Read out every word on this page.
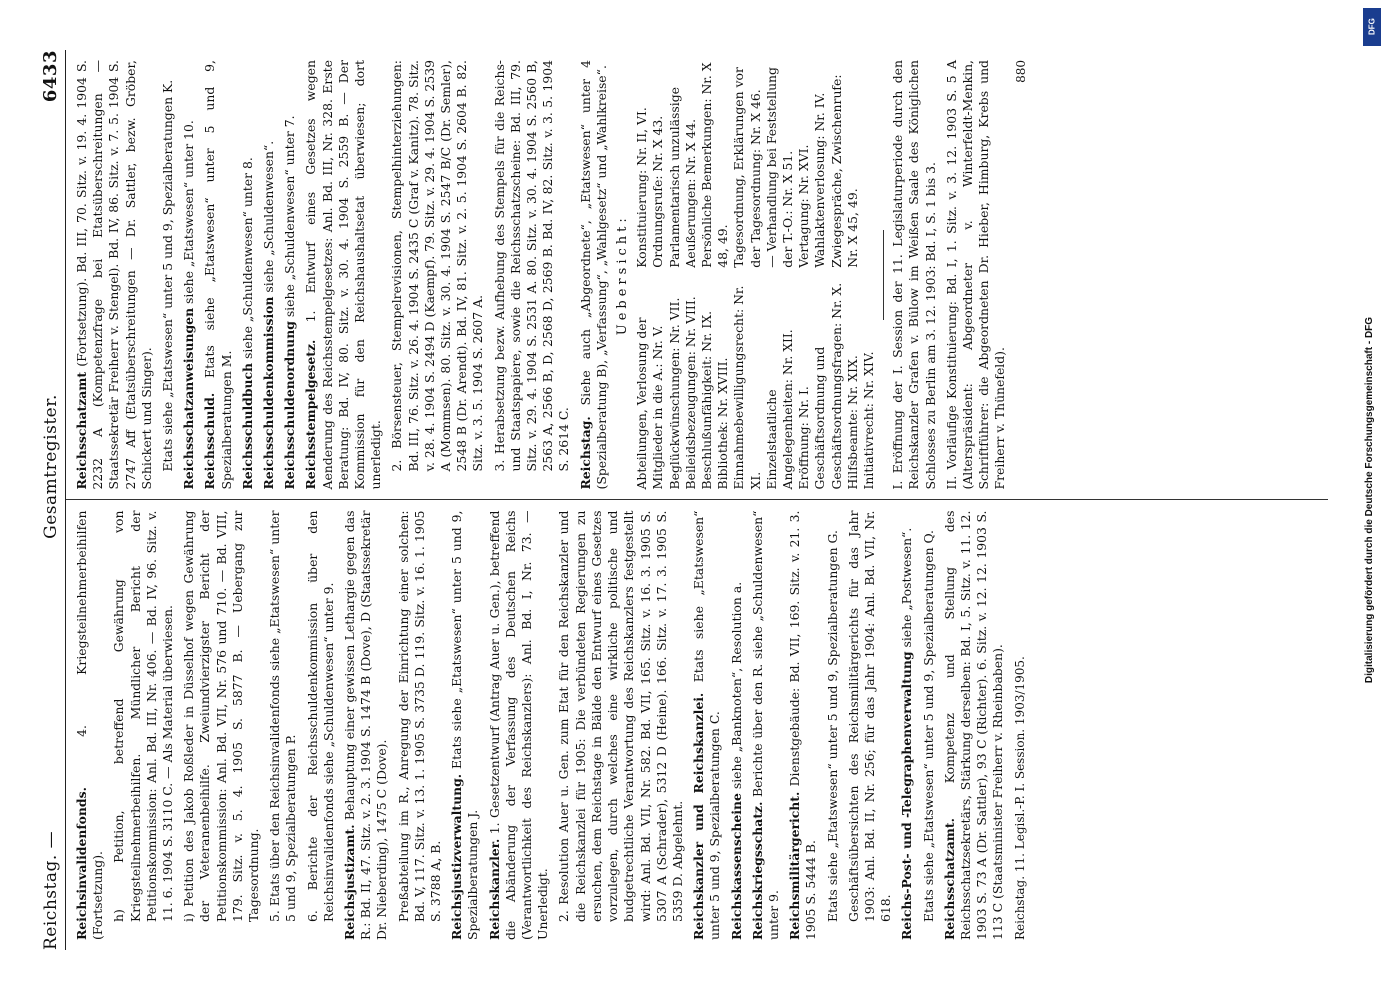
Reichstag. —
Gesamtregister.
6433
Reichsinvalidenfonds. 4. Kriegsteilnehmerbeihilfen (Fortsetzung). h) Petition, betreffend Gewährung von Kriegsteilnehmerbeihilfen. Mündlicher Bericht der Petitionskommission: Anl. Bd. III, Nr. 406. — Bd. IV, 96. Sitz. v. 11. 6. 1904 S. 3110 C. — Als Material überwiesen. i) Petition des Jakob Roßleder in Düsselhof wegen Gewährung der Veteranenbeihilfe. Zweiundvierzigster Bericht der Petitionskommission: Anl. Bd. VII, Nr. 576 und 710. — Bd. VIII, 179. Sitz. v. 5. 4. 1905 S. 5877 B. — Uebergang zur Tagesordnung. 5. Etats über den Reichsinvalidenfonds siehe „Etatswesen“ unter 5 und 9, Spezialberatungen P. 6. Berichte der Reichsschuldenkommission über den Reichsinvalidenfonds siehe „Schuldenwesen“ unter 9. Reichsjustizamt. Behauptung einer gewissen Lethargie gegen das R.: Bd. II, 47. Sitz. v. 2. 3. 1904 S. 1474 B (Dove), D (Staatssekretär Dr. Nieberding), 1475 C (Dove). Preßabteilung im R., Anregung der Einrichtung einer solchen: Bd. V, 117. Sitz. v. 13. 1. 1905 S. 3735 D. 119. Sitz. v. 16. 1. 1905 S. 3788 A, B. Reichsjustizverwaltung. Etats siehe „Etatswesen“ unter 5 und 9, Spezialberatungen J. Reichskanzler. 1. Gesetzentwurf (Antrag Auer u. Gen.), betreffend die Abänderung der Verfassung des Deutschen Reichs (Verantwortlichkeit des Reichskanzlers): Anl. Bd. I, Nr. 73. — Unerledigt. 2. Resolution Auer u. Gen. zum Etat für den Reichskanzler und die Reichskanzlei für 1905: Die verbündeten Regierungen zu ersuchen, dem Reichstage in Bälde den Entwurf eines Gesetzes vorzulegen, durch welches eine wirkliche politische und budgetrechtliche Verantwortung des Reichskanzlers festgestellt wird: Anl. Bd. VII, Nr. 582. Bd. VII, 165. Sitz. v. 16. 3. 1905 S. 5307 A (Schrader), 5312 D (Heine). 166. Sitz. v. 17. 3. 1905 S. 5359 D. Abgelehnt. Reichskanzler und Reichskanzlei. Etats siehe „Etatswesen“ unter 5 und 9, Spezialberatungen C. Reichskassenscheine siehe „Banknoten“, Resolution a.
Reichskriegsschatz. Berichte über den R. siehe „Schuldenwesen“ unter 9. Reichsmilitärgericht. Dienstgebäude: Bd. VII, 169. Sitz. v. 21. 3. 1905 S. 5444 B. Etats siehe „Etatswesen“ unter 5 und 9, Spezialberatungen G. Geschäftsübersichten des Reichsmilitärgerichts für das Jahr 1903: Anl. Bd. II, Nr. 256; für das Jahr 1904: Anl. Bd. VII, Nr. 618. Reichs-Post- und -Telegraphenverwaltung siehe „Postwesen“. Etats siehe „Etatswesen“ unter 5 und 9, Spezialberatungen Q. Reichsschatzamt. Kompetenz und Stellung des Reichsschatzsekretärs, Stärkung derselben: Bd. I, 5. Sitz. v. 11. 12. 1903 S. 73 A (Dr. Sattler), 93 C (Richter). 6. Sitz. v. 12. 12. 1903 S. 113 C (Staatsminister Freiherr v. Rheinbaben). Reichstag. 11. Legisl.-P. I. Session. 1903/1905.
Reichsschatzamt (Fortsetzung). Bd. III, 70. Sitz. v. 19. 4. 1904 S. 2232 A (Kompetenzfrage bei Etatsüberschreitungen — Staatssekretär Freiherr v. Stengel). Bd. IV, 86. Sitz. v. 7. 5. 1904 S. 2747 Aff (Etatsüberschreitungen — Dr. Sattler, bezw. Gröber, Schickert und Singer). Etats siehe „Etatswesen“ unter 5 und 9, Spezialberatungen K. Reichsschatzanweisungen siehe „Etatswesen“ unter 10.
Reichsschuld. Etats siehe „Etatswesen“ unter 5 und 9, Spezialberatungen M. Reichsschuldbuch siehe „Schuldenwesen“ unter 8.
Reichsschuldenkommission siehe „Schuldenwesen“.
Reichsschuldenordnung siehe „Schuldenwesen“ unter 7.
Reichsstempelgesetz. 1. Entwurf eines Gesetzes wegen Aenderung des Reichsstempelgesetzes: Anl. Bd. III, Nr. 328. Erste Beratung: Bd. IV, 80. Sitz. v. 30. 4. 1904 S. 2559 B. — Der Kommission für den Reichshaushaltsetat überwiesen; dort unerledigt. 2. Börsensteuer, Stempelrevisionen, Stempelhinterziehungen: Bd. III, 76. Sitz. v. 26. 4. 1904 S. 2435 C (Graf v. Kanitz). 78. Sitz. v. 28. 4. 1904 S. 2494 D (Kaempf). 79. Sitz. v. 29. 4. 1904 S. 2539 A (Mommsen). 80. Sitz. v. 30. 4. 1904 S. 2547 B/C (Dr. Semler), 2548 B (Dr. Arendt). Bd. IV, 81. Sitz. v. 2. 5. 1904 S. 2604 B. 82. Sitz. v. 3. 5. 1904 S. 2607 A. 3. Herabsetzung bezw. Aufhebung des Stempels für die Reichs- und Staatspapiere, sowie die Reichsschatzscheine: Bd. III, 79. Sitz. v. 29. 4. 1904 S. 2531 A. 80. Sitz. v. 30. 4. 1904 S. 2560 B, 2563 A, 2566 B, D, 2568 D, 2569 B. Bd. IV, 82. Sitz. v. 3. 5. 1904 S. 2614 C. Reichstag. Siehe auch „Abgeordnete“, „Etatswesen“ unter 4 (Spezialberatung B), „Verfassung“, „Wahlgesetz“ und „Wahlkreise“. Uebersicht:
Abteilungen, Verlosung der Mitglieder in die A.: Nr. V. Beglückwünschungen: Nr. VII. Beileidsbezeugungen: Nr. VIII. Beschlußunfähigkeit: Nr. IX. Bibliothek: Nr. XVIII. Einnahmebewilligungsrecht: Nr. XI. Einzelstaatliche Angelegenheiten: Nr. XII. Eröffnung: Nr. I. Geschäftsordnung und Geschäftsordnungsfragen: Nr. X. Hilfsbeamte: Nr. XIX. Initiativrecht: Nr. XIV.
Konstituierung: Nr. II, VI. Ordnungsrufe: Nr. X 43. Parlamentarisch unzulässige Aeußerungen: Nr. X 44. Persönliche Bemerkungen: Nr. X 48, 49. Tagesordnung, Erklärungen vor der Tagesordnung: Nr. X 46. — Verhandlung bei Feststellung der T.-O.: Nr. X 51. Vertagung: Nr. XVI. Wahlaktenverlosung: Nr. IV. Zwiegespräche, Zwischenrufe: Nr. X 45, 49. I. Eröffnung der I. Session der 11. Legislaturperiode durch den Reichskanzler Grafen v. Bülow im Weißen Saale des Königlichen Schlosses zu Berlin am 3. 12. 1903: Bd. I, S. 1 bis 3. II. Vorläufige Konstituierung: Bd. I, 1. Sitz. v. 3. 12. 1903 S. 5 A (Alterspräsident: Abgeordneter v. Winterfeldt-Menkin, Schriftführer: die Abgeordneten Dr. Hieber, Himburg, Krebs und Freiherr v. Thünefeld).
880
Digitalisierung gefördert durch die Deutsche Forschungsgemeinschaft - DFG
DFG
